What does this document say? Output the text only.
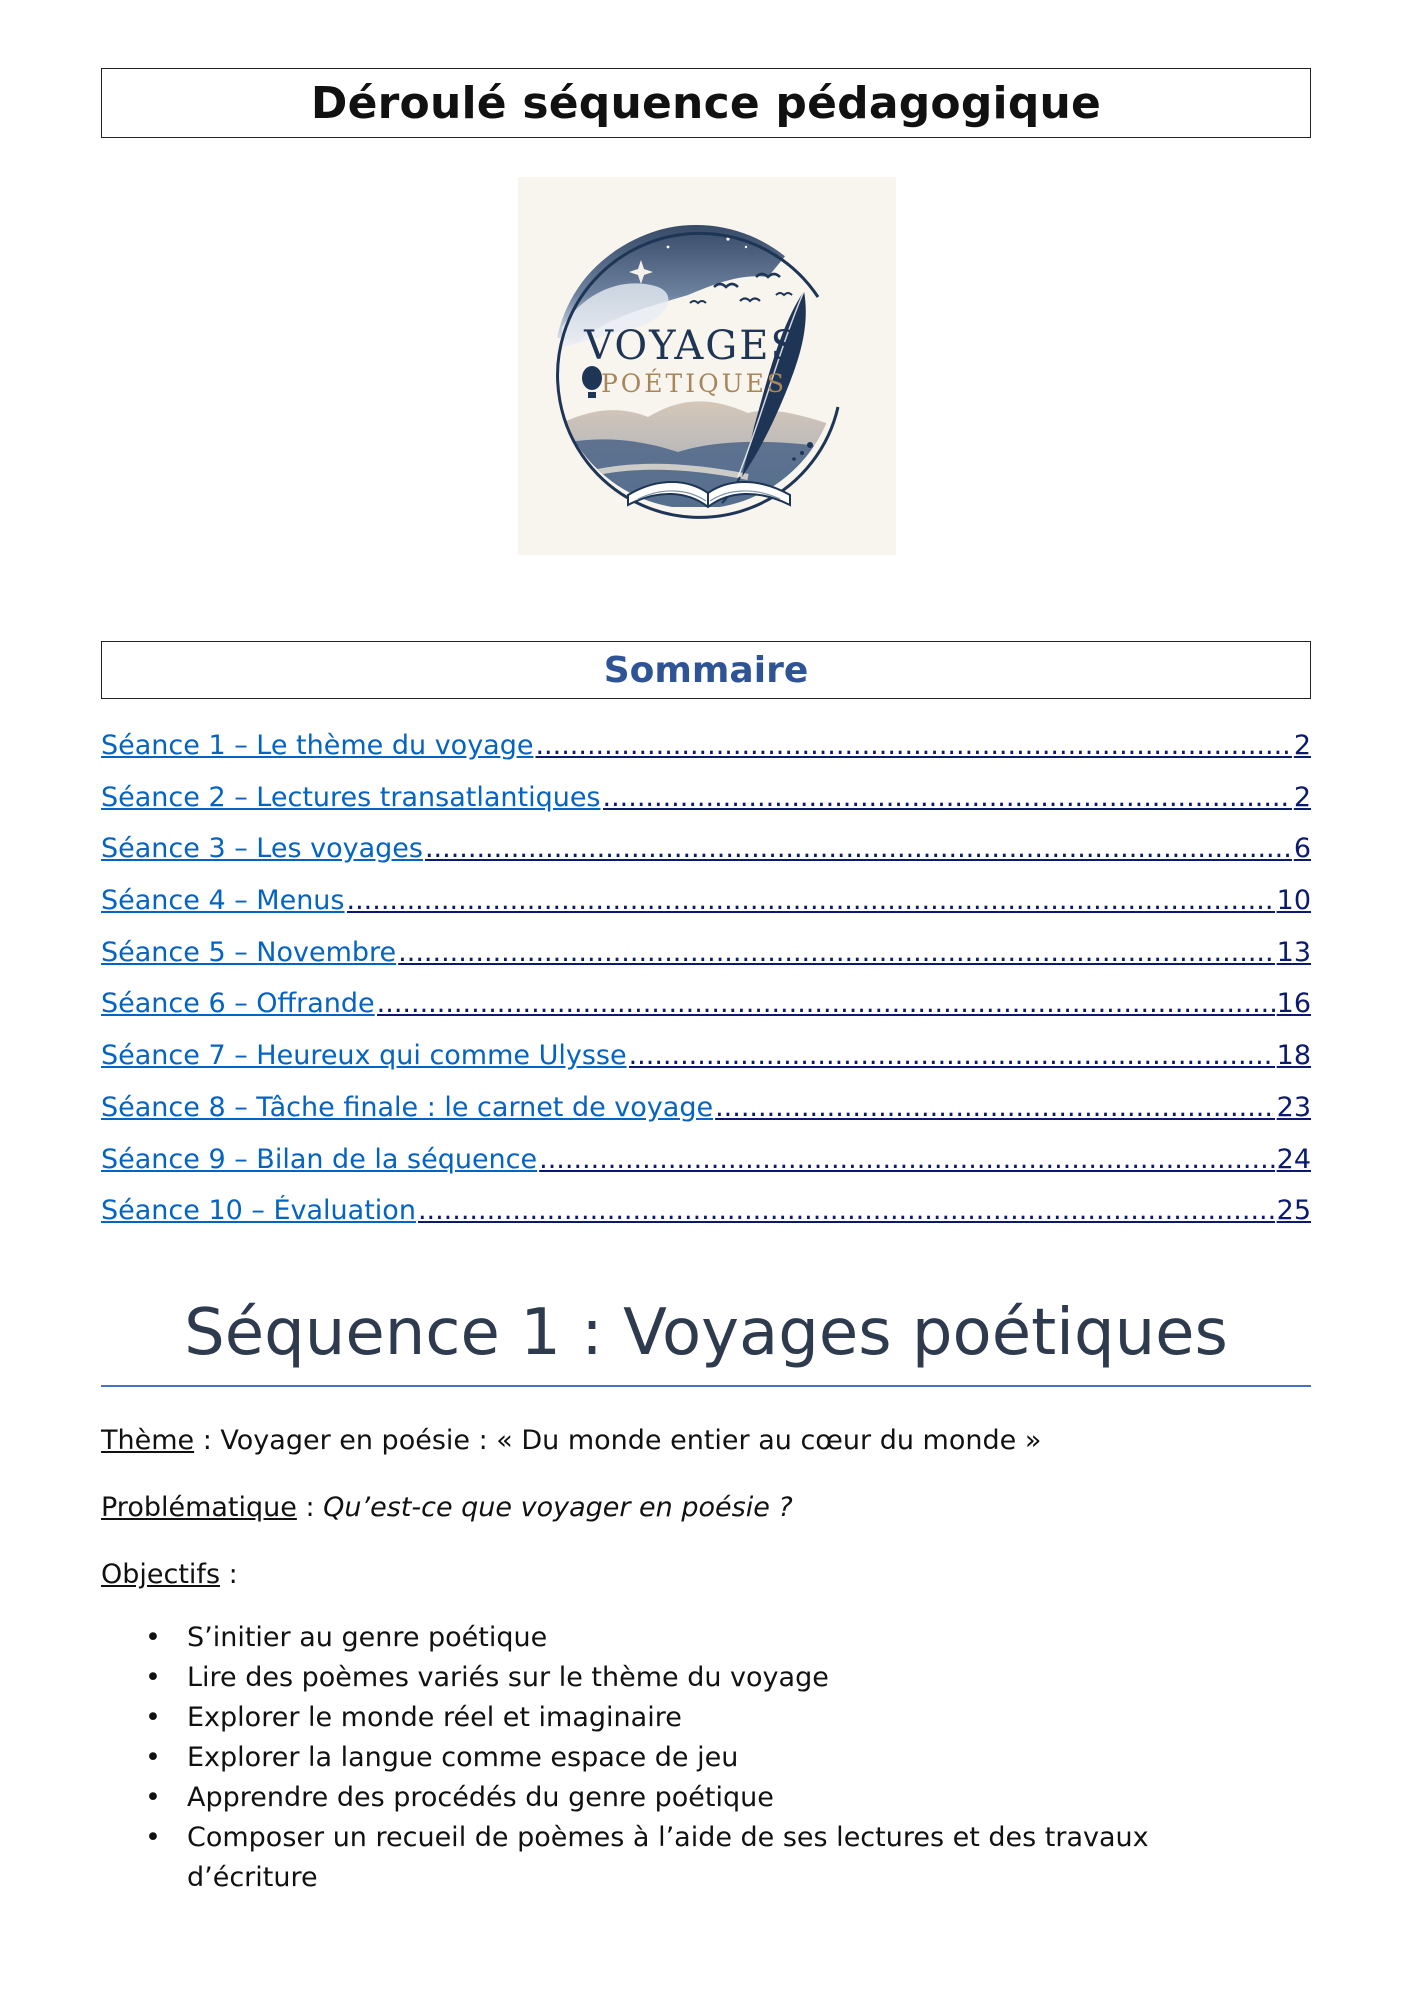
Déroulé séquence pédagogique
VOYAGES
POÉTIQUES
Sommaire
Séance 1 – Le thème du voyage .....	2
Séance 2 – Lectures transatlantiques .....	2
Séance 3 – Les voyages .....	6
Séance 4 – Menus .....	10
Séance 5 – Novembre .....	13
Séance 6 – Offrande .....	16
Séance 7 – Heureux qui comme Ulysse .....	18
Séance 8 – Tâche finale : le carnet de voyage .....	23
Séance 9 – Bilan de la séquence .....	24
Séance 10 – Évaluation .....	25
Séquence 1 : Voyages poétiques
Thème : Voyager en poésie : « Du monde entier au cœur du monde »
Problématique : Qu’est-ce que voyager en poésie ?
Objectifs :
• S’initier au genre poétique
• Lire des poèmes variés sur le thème du voyage
• Explorer le monde réel et imaginaire
• Explorer la langue comme espace de jeu
• Apprendre des procédés du genre poétique
• Composer un recueil de poèmes à l’aide de ses lectures et des travaux d’écriture
